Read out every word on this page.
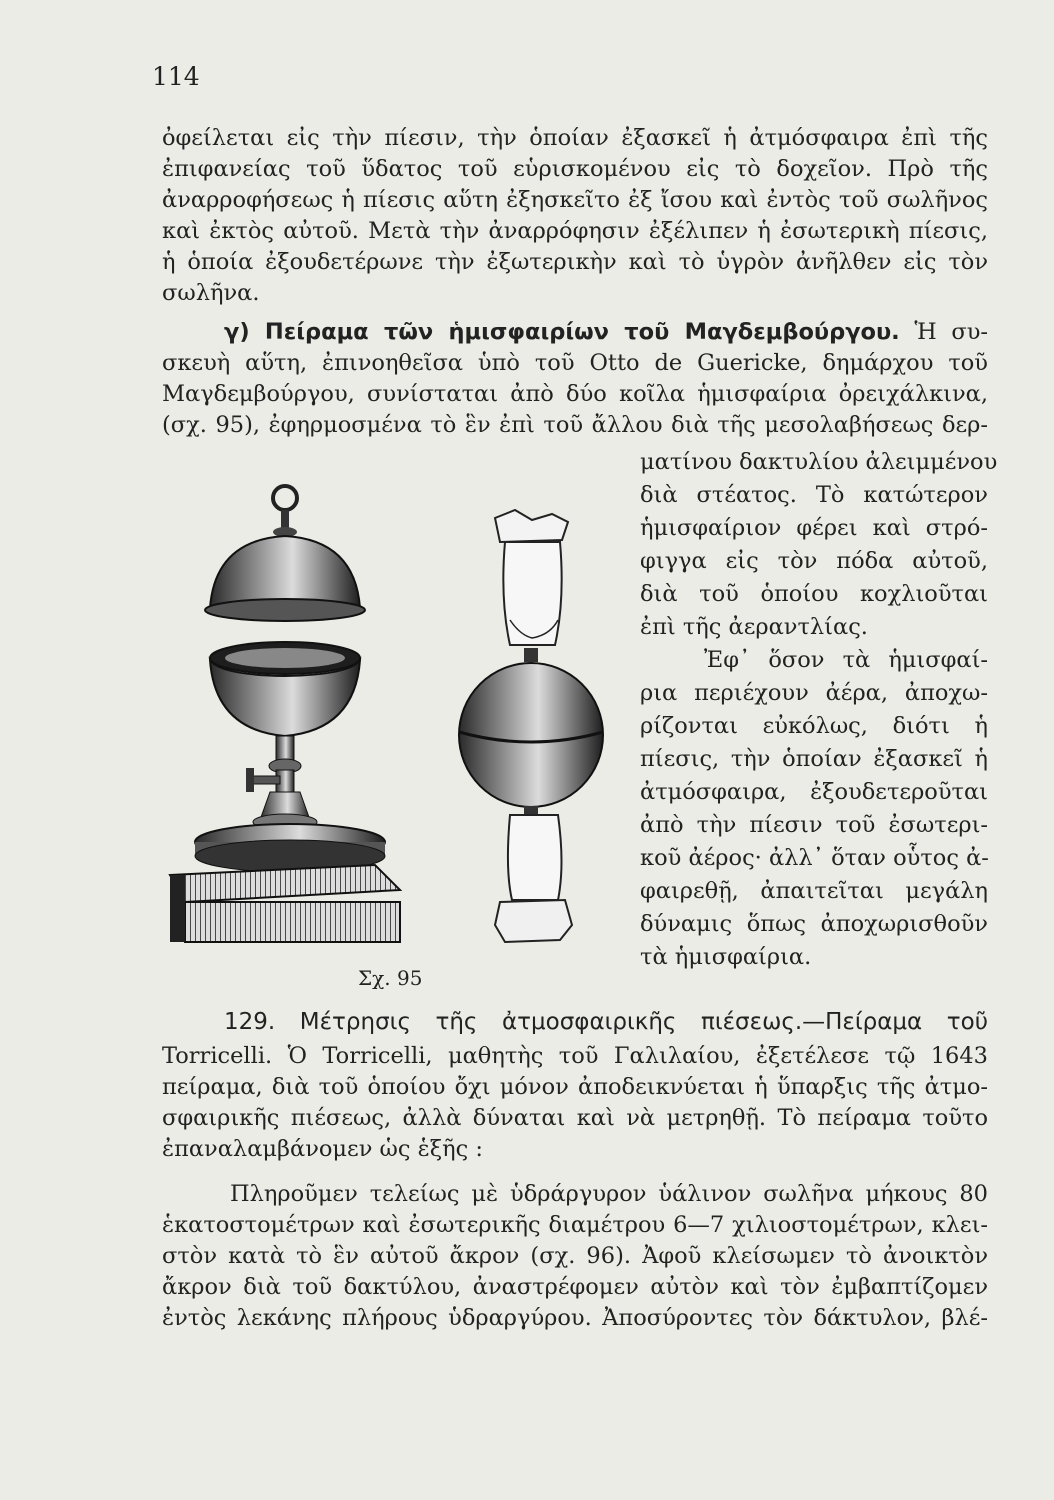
114
ὀφείλεται εἰς τὴν πίεσιν, τὴν ὁποίαν ἐξασκεῖ ἡ ἀτμόσφαιρα ἐπὶ τῆς
ἐπιφανείας τοῦ ὕδατος τοῦ εὑρισκομένου εἰς τὸ δοχεῖον. Πρὸ τῆς
ἀναρροφήσεως ἡ πίεσις αὕτη ἐξησκεῖτο ἐξ ἴσου καὶ ἐντὸς τοῦ σωλῆνος
καὶ ἐκτὸς αὐτοῦ. Μετὰ τὴν ἀναρρόφησιν ἐξέλιπεν ἡ ἐσωτερικὴ πίεσις,
ἡ ὁποία ἐξουδετέρωνε τὴν ἐξωτερικὴν καὶ τὸ ὑγρὸν ἀνῆλθεν εἰς τὸν
σωλῆνα.
γ) Πείραμα τῶν ἡμισφαιρίων τοῦ Μαγδεμβούργου. Ἡ συ-
σκευὴ αὕτη, ἐπινοηθεῖσα ὑπὸ τοῦ Otto de Guericke, δημάρχου τοῦ
Μαγδεμβούργου, συνίσταται ἀπὸ δύο κοῖλα ἡμισφαίρια ὀρειχάλκινα,
(σχ. 95), ἐφηρμοσμένα τὸ ἓν ἐπὶ τοῦ ἄλλου διὰ τῆς μεσολαβήσεως δερ-
ματίνου δακτυλίου ἀλειμμένου
διὰ στέατος. Τὸ κατώτερον
ἡμισφαίριον φέρει καὶ στρό-
φιγγα εἰς τὸν πόδα αὐτοῦ,
διὰ τοῦ ὁποίου κοχλιοῦται
ἐπὶ τῆς ἀεραντλίας.
Ἐφ᾿ ὅσον τὰ ἡμισφαί-
ρια περιέχουν ἀέρα, ἀποχω-
ρίζονται εὐκόλως, διότι ἡ
πίεσις, τὴν ὁποίαν ἐξασκεῖ ἡ
ἀτμόσφαιρα, ἐξουδετεροῦται
ἀπὸ τὴν πίεσιν τοῦ ἐσωτερι-
κοῦ ἀέρος· ἀλλ᾿ ὅταν οὗτος ἀ-
φαιρεθῇ, ἀπαιτεῖται μεγάλη
δύναμις ὅπως ἀποχωρισθοῦν
τὰ ἡμισφαίρια.
Σχ. 95
129. Μέτρησις τῆς ἀτμοσφαιρικῆς πιέσεως.—Πείραμα τοῦ
Torricelli. Ὁ Torricelli, μαθητὴς τοῦ Γαλιλαίου, ἐξετέλεσε τῷ 1643
πείραμα, διὰ τοῦ ὁποίου ὄχι μόνον ἀποδεικνύεται ἡ ὕπαρξις τῆς ἀτμο-
σφαιρικῆς πιέσεως, ἀλλὰ δύναται καὶ νὰ μετρηθῇ. Τὸ πείραμα τοῦτο
ἐπαναλαμβάνομεν ὡς ἑξῆς :
Πληροῦμεν τελείως μὲ ὑδράργυρον ὑάλινον σωλῆνα μήκους 80
ἑκατοστομέτρων καὶ ἐσωτερικῆς διαμέτρου 6—7 χιλιοστομέτρων, κλει-
στὸν κατὰ τὸ ἓν αὐτοῦ ἄκρον (σχ. 96). Ἀφοῦ κλείσωμεν τὸ ἀνοικτὸν
ἄκρον διὰ τοῦ δακτύλου, ἀναστρέφομεν αὐτὸν καὶ τὸν ἐμβαπτίζομεν
ἐντὸς λεκάνης πλήρους ὑδραργύρου. Ἀποσύροντες τὸν δάκτυλον, βλέ-
